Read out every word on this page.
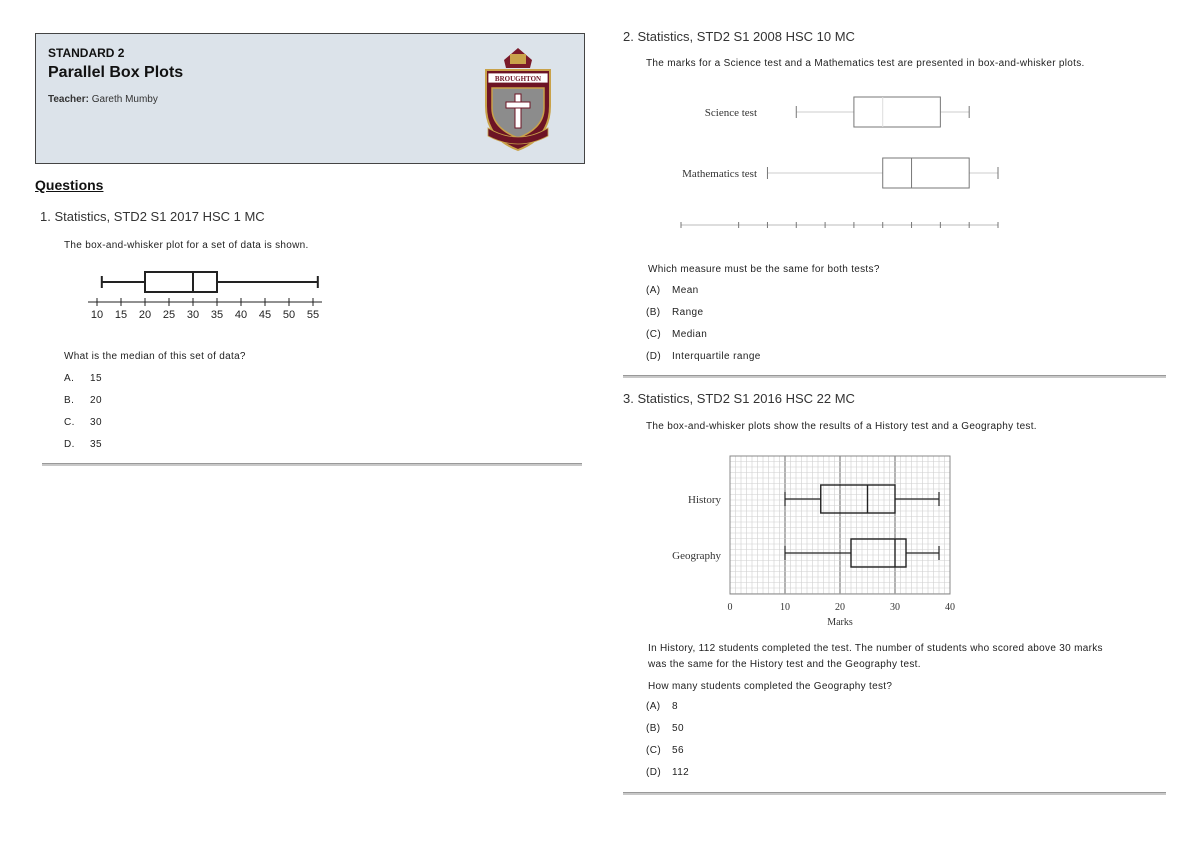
STANDARD 2
Parallel Box Plots
Teacher: Gareth Mumby
BROUGHTON
Questions
1. Statistics, STD2 S1 2017 HSC 1 MC
The box-and-whisker plot for a set of data is shown.
10 15 20 25 30 35 40 45 50 55
What is the median of this set of data?
A. 15
B. 20
C. 30
D. 35
2. Statistics, STD2 S1 2008 HSC 10 MC
The marks for a Science test and a Mathematics test are presented in box-and-whisker plots.
Science test
Mathematics test
Which measure must be the same for both tests?
(A) Mean
(B) Range
(C) Median
(D) Interquartile range
3. Statistics, STD2 S1 2016 HSC 22 MC
The box-and-whisker plots show the results of a History test and a Geography test.
History
Geography
0	10	20	30	40
Marks
In History, 112 students completed the test. The number of students who scored above 30 marks
was the same for the History test and the Geography test.
How many students completed the Geography test?
(A) 8
(B) 50
(C) 56
(D) 112
